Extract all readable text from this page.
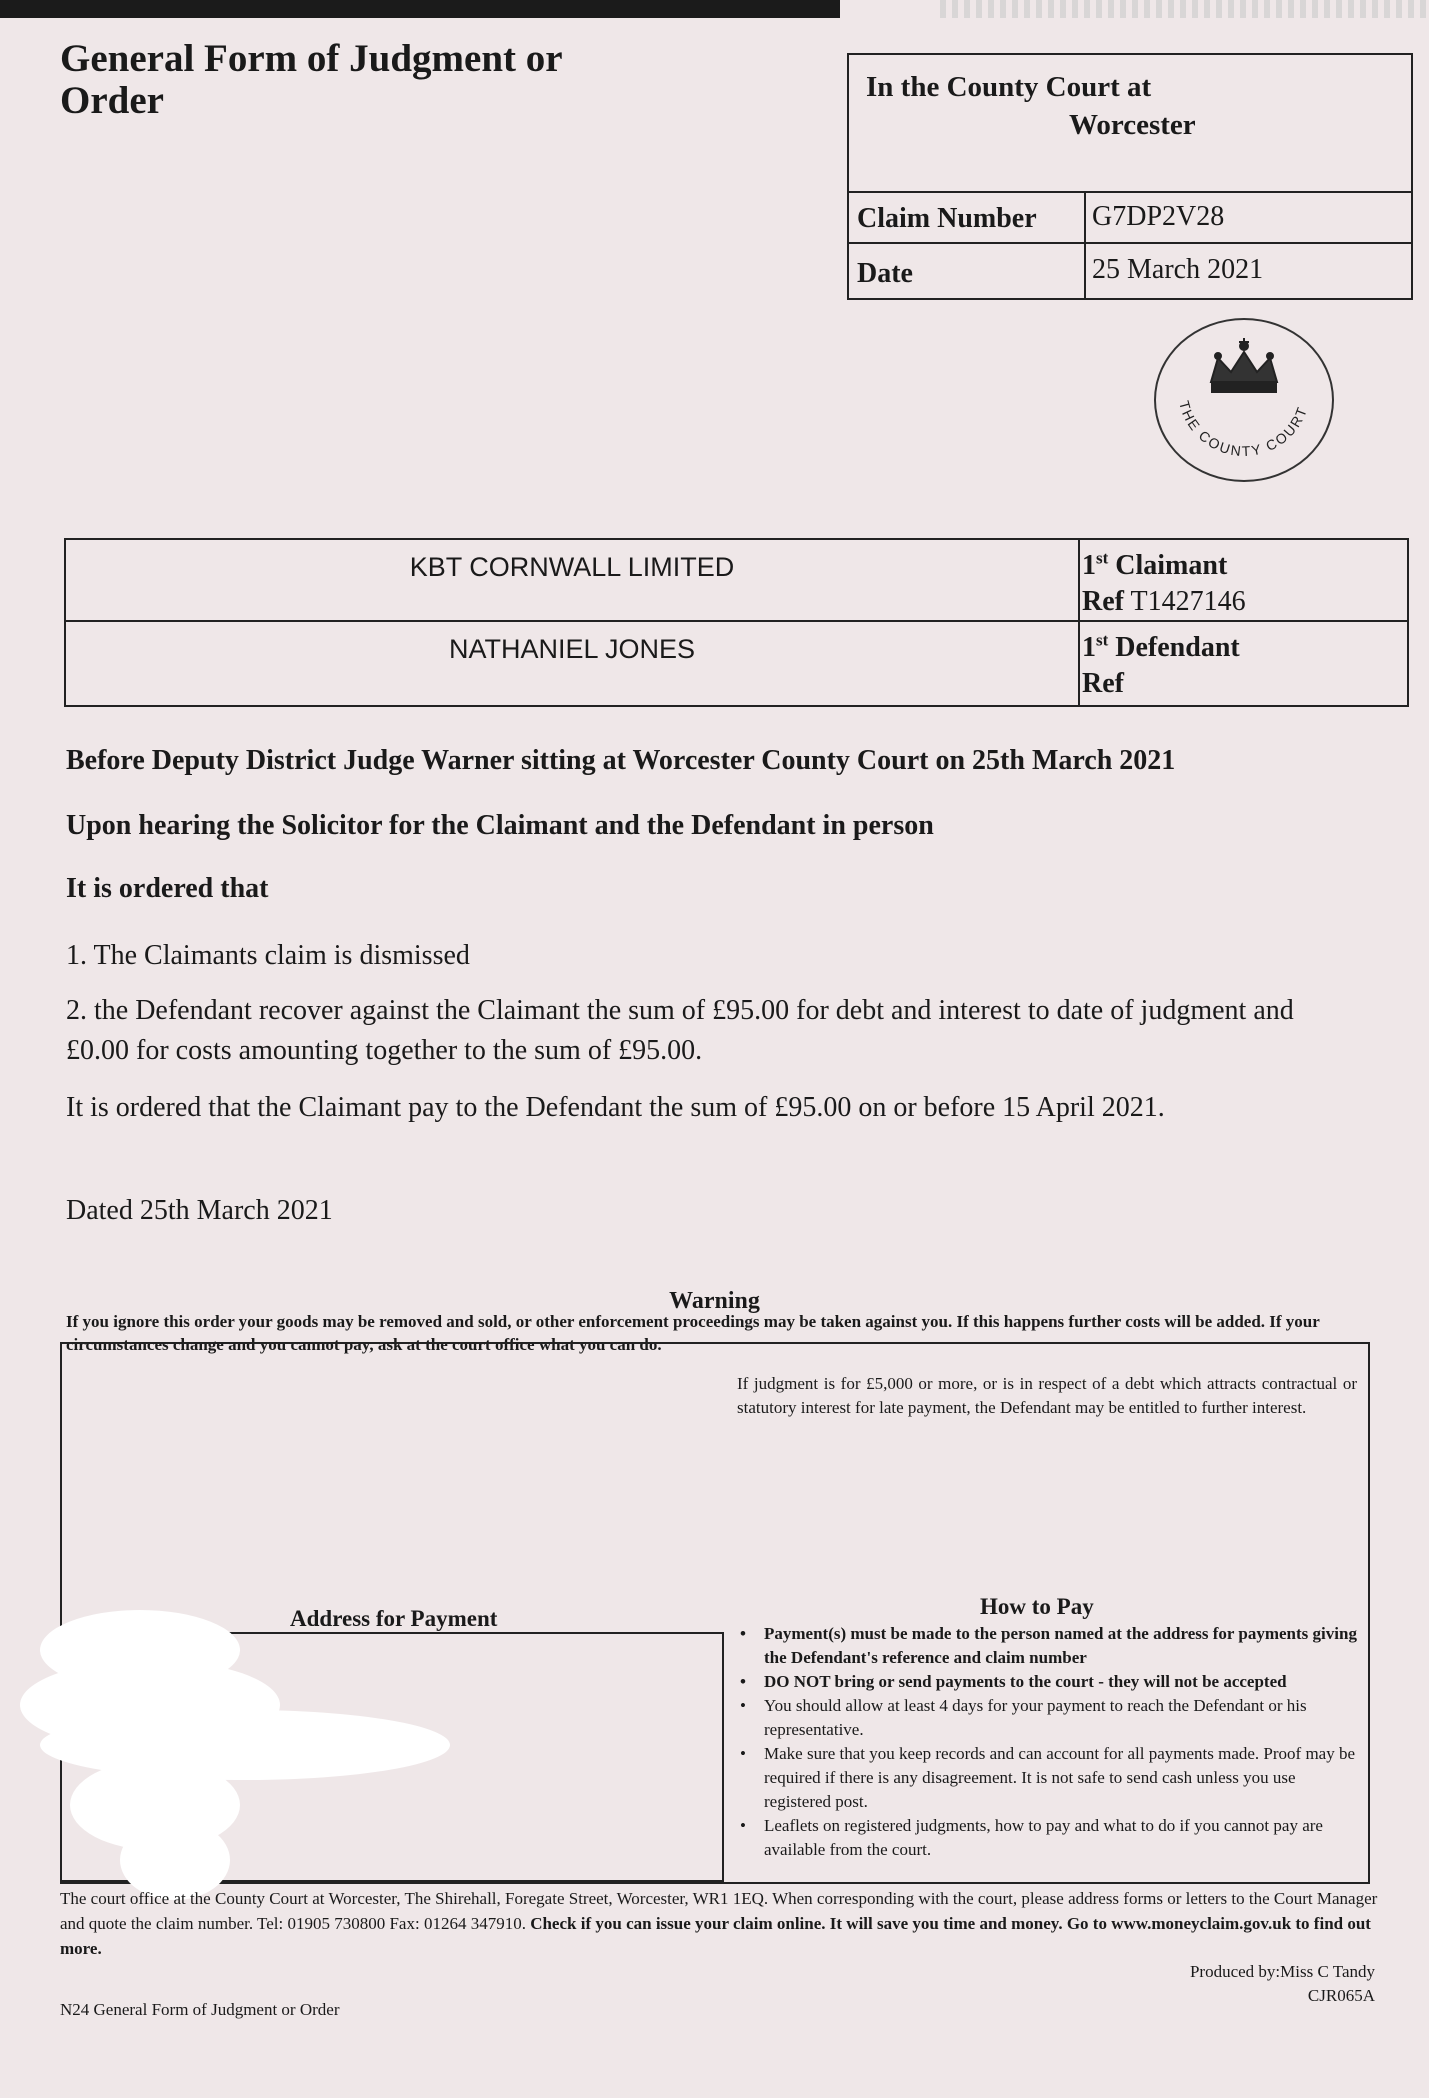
General Form of Judgment or Order	In the County Court at
Worcester
Claim Number G7DP2V28
Date	25 March 2021
THE COUNTY COURT
KBT CORNWALL LIMITED	1st Claimant
Ref T1427146
NATHANIEL JONES	1st Defendant
Ref
Before Deputy District Judge Warner sitting at Worcester County Court on 25th March 2021
Upon hearing the Solicitor for the Claimant and the Defendant in person
It is ordered that
1. The Claimants claim is dismissed
2. the Defendant recover against the Claimant the sum of £95.00 for debt and interest to date of judgment and
£0.00 for costs amounting together to the sum of £95.00.
It is ordered that the Claimant pay to the Defendant the sum of £95.00 on or before 15 April 2021.
Dated 25th March 2021
Warning
If you ignore this order your goods may be removed and sold, or other enforcement proceedings may be taken against you. If this happens further costs will be added. If your circumstances change and you cannot pay, ask at the court office what you can do.
If judgment is for £5,000 or more, or is in respect of a debt which attracts contractual or statutory interest for late payment, the Defendant may be entitled to further interest.
Address for Payment	How to Pay
• Payment(s) must be made to the person named at the address for payments giving the Defendant's reference and claim number
• DO NOT bring or send payments to the court - they will not be accepted
• You should allow at least 4 days for your payment to reach the Defendant or his representative.
• Make sure that you keep records and can account for all payments made. Proof may be required if there is any disagreement. It is not safe to send cash unless you use registered post.
• Leaflets on registered judgments, how to pay and what to do if you cannot pay are available from the court.
The court office at the County Court at Worcester, The Shirehall, Foregate Street, Worcester, WR1 1EQ. When corresponding with the court, please address forms or letters to the Court Manager and quote the claim number. Tel: 01905 730800 Fax: 01264 347910. Check if you can issue your claim online. It will save you time and money. Go to www.moneyclaim.gov.uk to find out more.
Produced by:Miss C Tandy
CJR065A
N24 General Form of Judgment or Order
